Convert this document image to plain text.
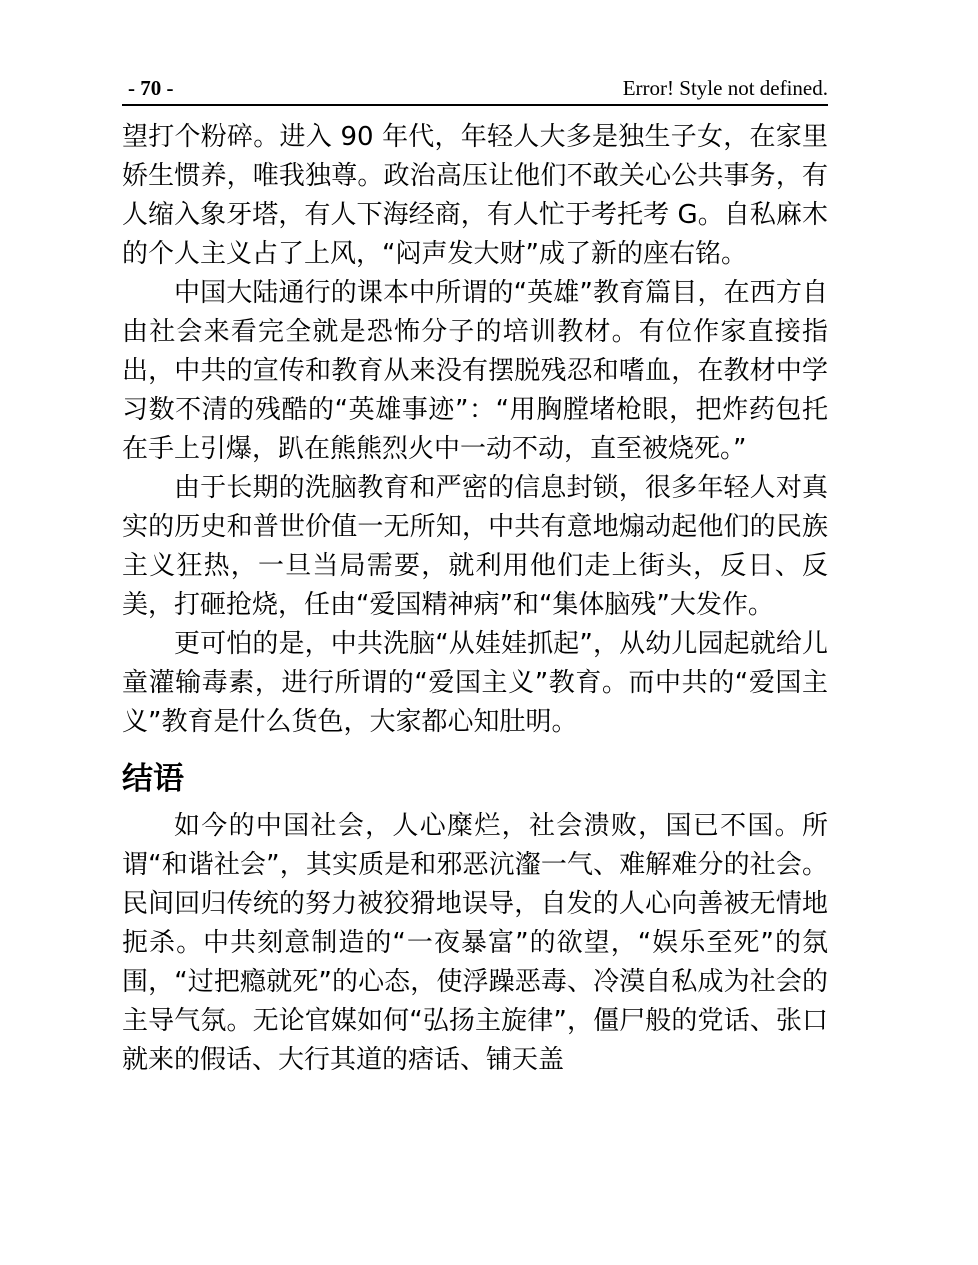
- 70 -	Error! Style not defined.

望打个粉碎。进入 90 年代，年轻人大多是独生子女，在家里娇生惯养，唯我独尊。政治高压让他们不敢关心公共事务，有人缩入象牙塔，有人下海经商，有人忙于考托考 G。自私麻木的个人主义占了上风，“闷声发大财”成了新的座右铭。

中国大陆通行的课本中所谓的“英雄”教育篇目，在西方自由社会来看完全就是恐怖分子的培训教材。有位作家直接指出，中共的宣传和教育从来没有摆脱残忍和嗜血，在教材中学习数不清的残酷的“英雄事迹”：“用胸膛堵枪眼，把炸药包托在手上引爆，趴在熊熊烈火中一动不动，直至被烧死。”

由于长期的洗脑教育和严密的信息封锁，很多年轻人对真实的历史和普世价值一无所知，中共有意地煽动起他们的民族主义狂热，一旦当局需要，就利用他们走上街头，反日、反美，打砸抢烧，任由“爱国精神病”和“集体脑残”大发作。

更可怕的是，中共洗脑“从娃娃抓起”，从幼儿园起就给儿童灌输毒素，进行所谓的“爱国主义”教育。而中共的“爱国主义”教育是什么货色，大家都心知肚明。

结语

如今的中国社会，人心糜烂，社会溃败，国已不国。所谓“和谐社会”，其实质是和邪恶沆瀣一气、难解难分的社会。民间回归传统的努力被狡猾地误导，自发的人心向善被无情地扼杀。中共刻意制造的“一夜暴富”的欲望，“娱乐至死”的氛围，“过把瘾就死”的心态，使浮躁恶毒、冷漠自私成为社会的主导气氛。无论官媒如何“弘扬主旋律”，僵尸般的党话、张口就来的假话、大行其道的痞话、铺天盖
